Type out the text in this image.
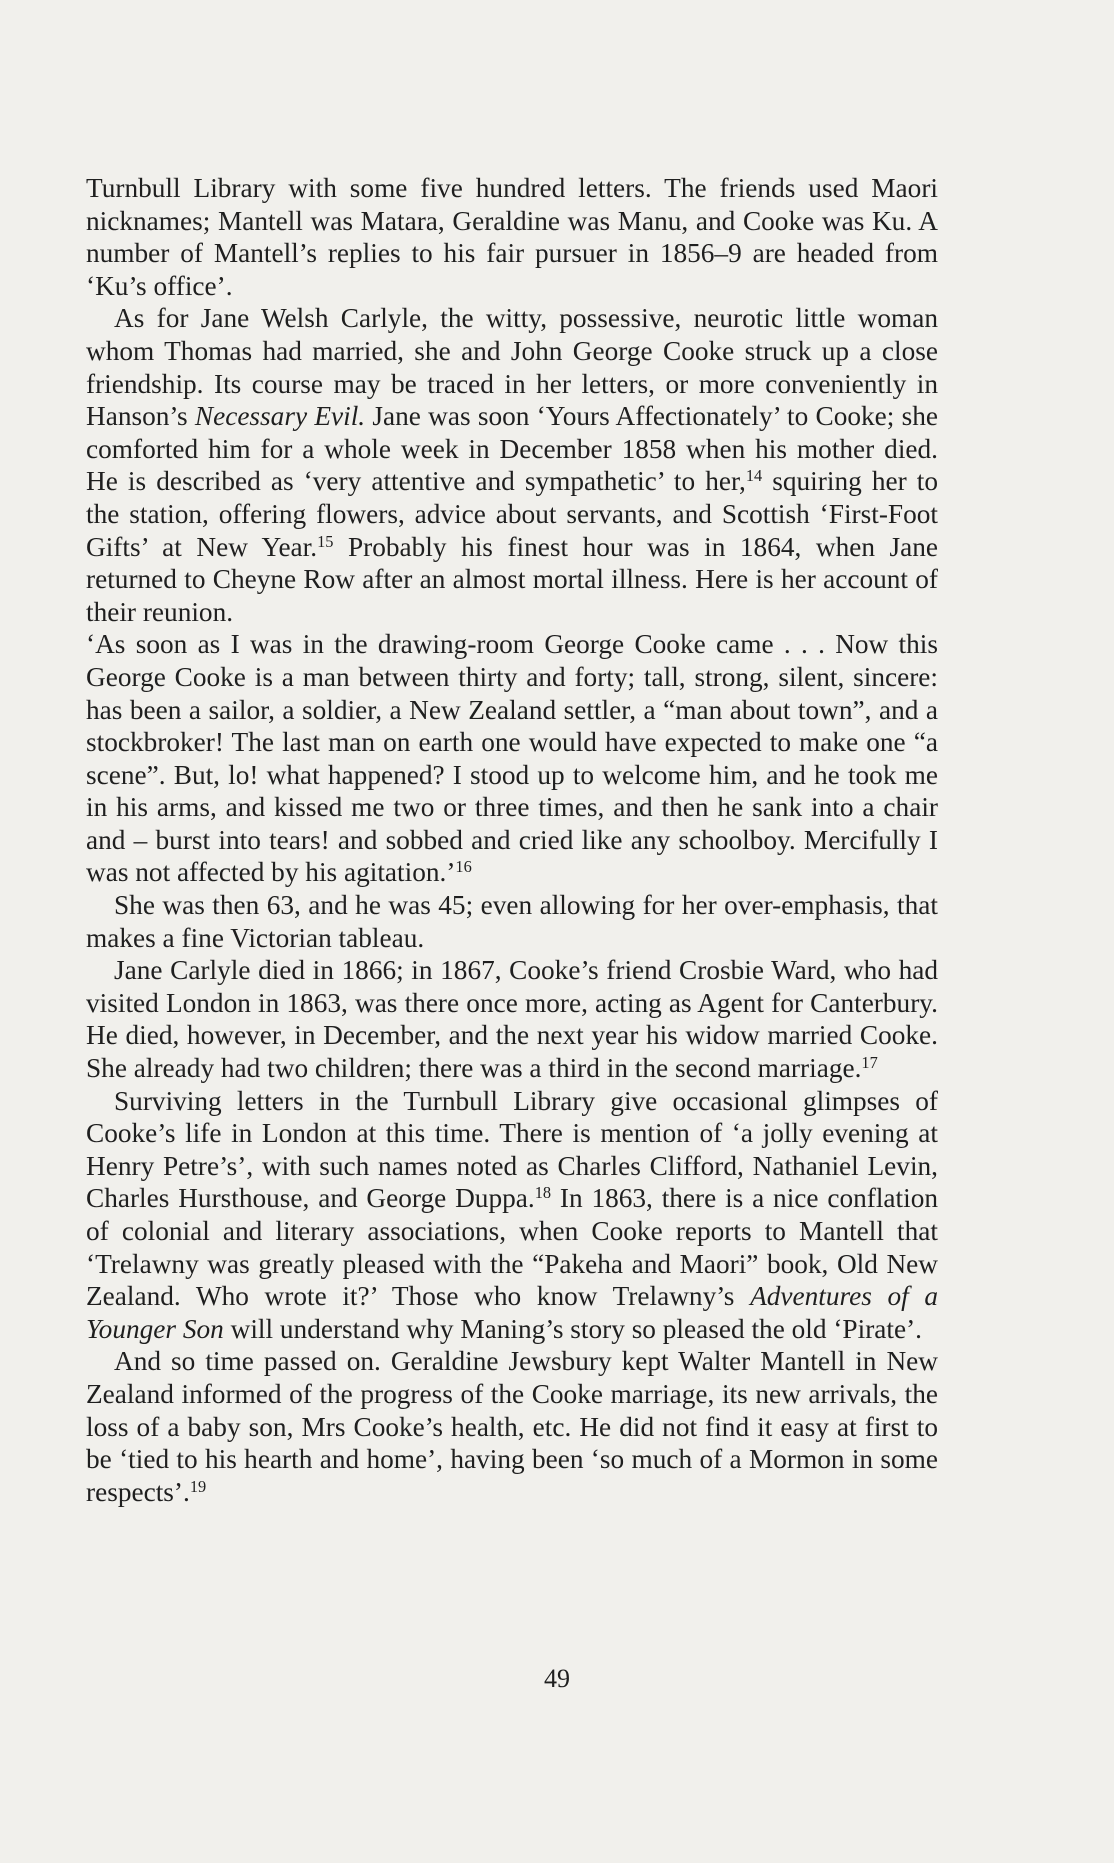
Turnbull Library with some five hundred letters. The friends used Maori nicknames; Mantell was Matara, Geraldine was Manu, and Cooke was Ku. A number of Mantell’s replies to his fair pursuer in 1856–9 are headed from ‘Ku’s office’.

As for Jane Welsh Carlyle, the witty, possessive, neurotic little woman whom Thomas had married, she and John George Cooke struck up a close friendship. Its course may be traced in her letters, or more conveniently in Hanson’s Necessary Evil. Jane was soon ‘Yours Affectionately’ to Cooke; she comforted him for a whole week in December 1858 when his mother died. He is described as ‘very attentive and sympathetic’ to her,$^{14}$ squiring her to the station, offering flowers, advice about servants, and Scottish ‘First-Foot Gifts’ at New Year.$^{15}$ Probably his finest hour was in 1864, when Jane returned to Cheyne Row after an almost mortal illness. Here is her account of their reunion.

‘As soon as I was in the drawing-room George Cooke came . . . Now this George Cooke is a man between thirty and forty; tall, strong, silent, sincere: has been a sailor, a soldier, a New Zealand settler, a “man about town”, and a stockbroker! The last man on earth one would have expected to make one “a scene”. But, lo! what happened? I stood up to welcome him, and he took me in his arms, and kissed me two or three times, and then he sank into a chair and – burst into tears! and sobbed and cried like any schoolboy. Mercifully I was not affected by his agitation.’$^{16}$

She was then 63, and he was 45; even allowing for her over-emphasis, that makes a fine Victorian tableau.

Jane Carlyle died in 1866; in 1867, Cooke’s friend Crosbie Ward, who had visited London in 1863, was there once more, acting as Agent for Canterbury. He died, however, in December, and the next year his widow married Cooke. She already had two children; there was a third in the second marriage.$^{17}$

Surviving letters in the Turnbull Library give occasional glimpses of Cooke’s life in London at this time. There is mention of ‘a jolly evening at Henry Petre’s’, with such names noted as Charles Clifford, Nathaniel Levin, Charles Hursthouse, and George Duppa.$^{18}$ In 1863, there is a nice conflation of colonial and literary associations, when Cooke reports to Mantell that ‘Trelawny was greatly pleased with the “Pakeha and Maori” book, Old New Zealand. Who wrote it?’ Those who know Trelawny’s Adventures of a Younger Son will understand why Maning’s story so pleased the old ‘Pirate’.

And so time passed on. Geraldine Jewsbury kept Walter Mantell in New Zealand informed of the progress of the Cooke marriage, its new arrivals, the loss of a baby son, Mrs Cooke’s health, etc. He did not find it easy at first to be ‘tied to his hearth and home’, having been ‘so much of a Mormon in some respects’.$^{19}$

49
